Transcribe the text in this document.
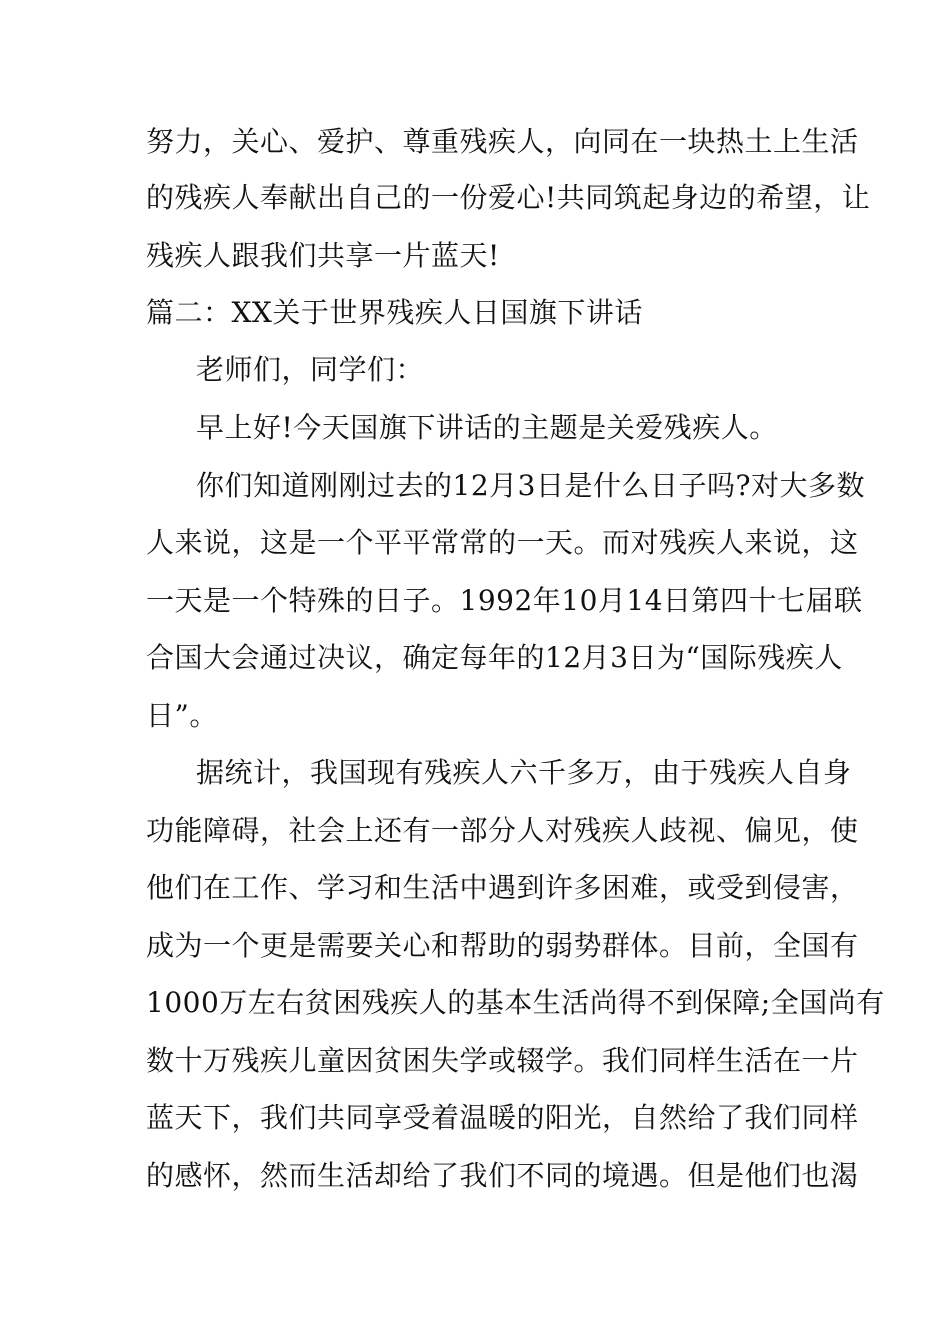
努力，关心、爱护、尊重残疾人，向同在一块热土上生活
的残疾人奉献出自己的一份爱心!共同筑起身边的希望，让
残疾人跟我们共享一片蓝天!
篇二：XX关于世界残疾人日国旗下讲话
老师们，同学们：
早上好!今天国旗下讲话的主题是关爱残疾人。
你们知道刚刚过去的12月3日是什么日子吗?对大多数
人来说，这是一个平平常常的一天。而对残疾人来说，这
一天是一个特殊的日子。1992年10月14日第四十七届联
合国大会通过决议，确定每年的12月3日为“国际残疾人
日”。
据统计，我国现有残疾人六千多万，由于残疾人自身
功能障碍，社会上还有一部分人对残疾人歧视、偏见，使
他们在工作、学习和生活中遇到许多困难，或受到侵害，
成为一个更是需要关心和帮助的弱势群体。目前，全国有
1000万左右贫困残疾人的基本生活尚得不到保障;全国尚有
数十万残疾儿童因贫困失学或辍学。我们同样生活在一片
蓝天下，我们共同享受着温暖的阳光，自然给了我们同样
的感怀，然而生活却给了我们不同的境遇。但是他们也渴
